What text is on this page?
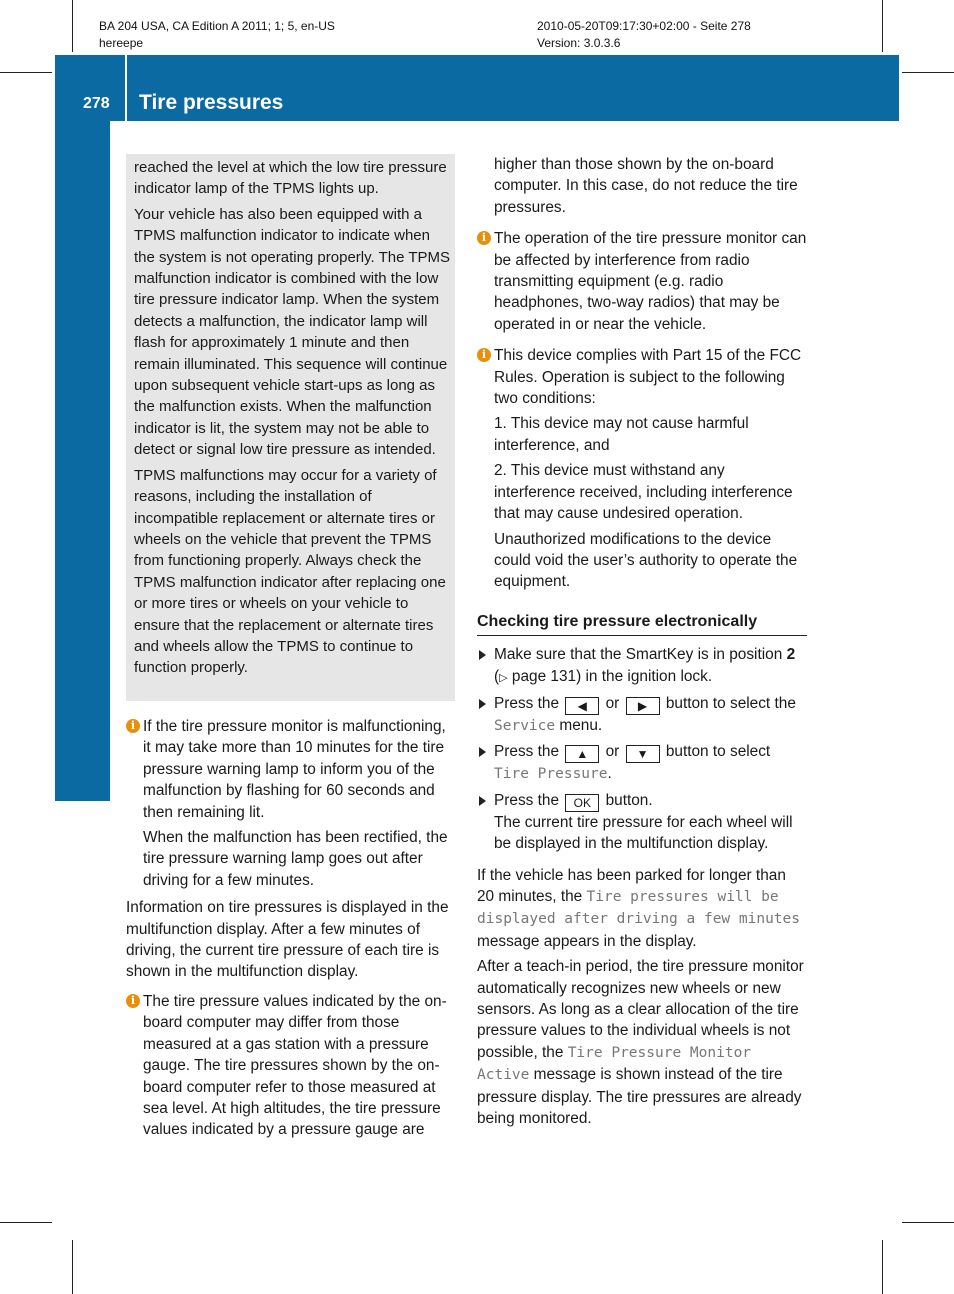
BA 204 USA, CA Edition A 2011; 1; 5, en-US
hereepe
2010-05-20T09:17:30+02:00 - Seite 278
Version: 3.0.3.6
278 Tire pressures
Tires and wheels

reached the level at which the low tire pressure indicator lamp of the TPMS lights up.

Your vehicle has also been equipped with a TPMS malfunction indicator to indicate when the system is not operating properly. The TPMS malfunction indicator is combined with the low tire pressure indicator lamp. When the system detects a malfunction, the indicator lamp will flash for approximately 1 minute and then remain illuminated. This sequence will continue upon subsequent vehicle start-ups as long as the malfunction exists. When the malfunction indicator is lit, the system may not be able to detect or signal low tire pressure as intended.

TPMS malfunctions may occur for a variety of reasons, including the installation of incompatible replacement or alternate tires or wheels on the vehicle that prevent the TPMS from functioning properly. Always check the TPMS malfunction indicator after replacing one or more tires or wheels on your vehicle to ensure that the replacement or alternate tires and wheels allow the TPMS to continue to function properly.

i If the tire pressure monitor is malfunctioning, it may take more than 10 minutes for the tire pressure warning lamp to inform you of the malfunction by flashing for 60 seconds and then remaining lit.

When the malfunction has been rectified, the tire pressure warning lamp goes out after driving for a few minutes.

Information on tire pressures is displayed in the multifunction display. After a few minutes of driving, the current tire pressure of each tire is shown in the multifunction display.

i The tire pressure values indicated by the on-board computer may differ from those measured at a gas station with a pressure gauge. The tire pressures shown by the on-board computer refer to those measured at sea level. At high altitudes, the tire pressure values indicated by a pressure gauge are

higher than those shown by the on-board computer. In this case, do not reduce the tire pressures.

i The operation of the tire pressure monitor can be affected by interference from radio transmitting equipment (e.g. radio headphones, two-way radios) that may be operated in or near the vehicle.

i This device complies with Part 15 of the FCC Rules. Operation is subject to the following two conditions:

1. This device may not cause harmful interference, and

2. This device must withstand any interference received, including interference that may cause undesired operation.

Unauthorized modifications to the device could void the user’s authority to operate the equipment.

Checking tire pressure electronically
Make sure that the SmartKey is in position 2 (▷ page 131) in the ignition lock.
Press the ◀ or ▶ button to select the Service menu.
Press the ▲ or ▼ button to select Tire Pressure.
Press the OK button.
The current tire pressure for each wheel will be displayed in the multifunction display.

If the vehicle has been parked for longer than 20 minutes, the Tire pressures will be displayed after driving a few minutes message appears in the display.

After a teach-in period, the tire pressure monitor automatically recognizes new wheels or new sensors. As long as a clear allocation of the tire pressure values to the individual wheels is not possible, the Tire Pressure Monitor Active message is shown instead of the tire pressure display. The tire pressures are already being monitored.
